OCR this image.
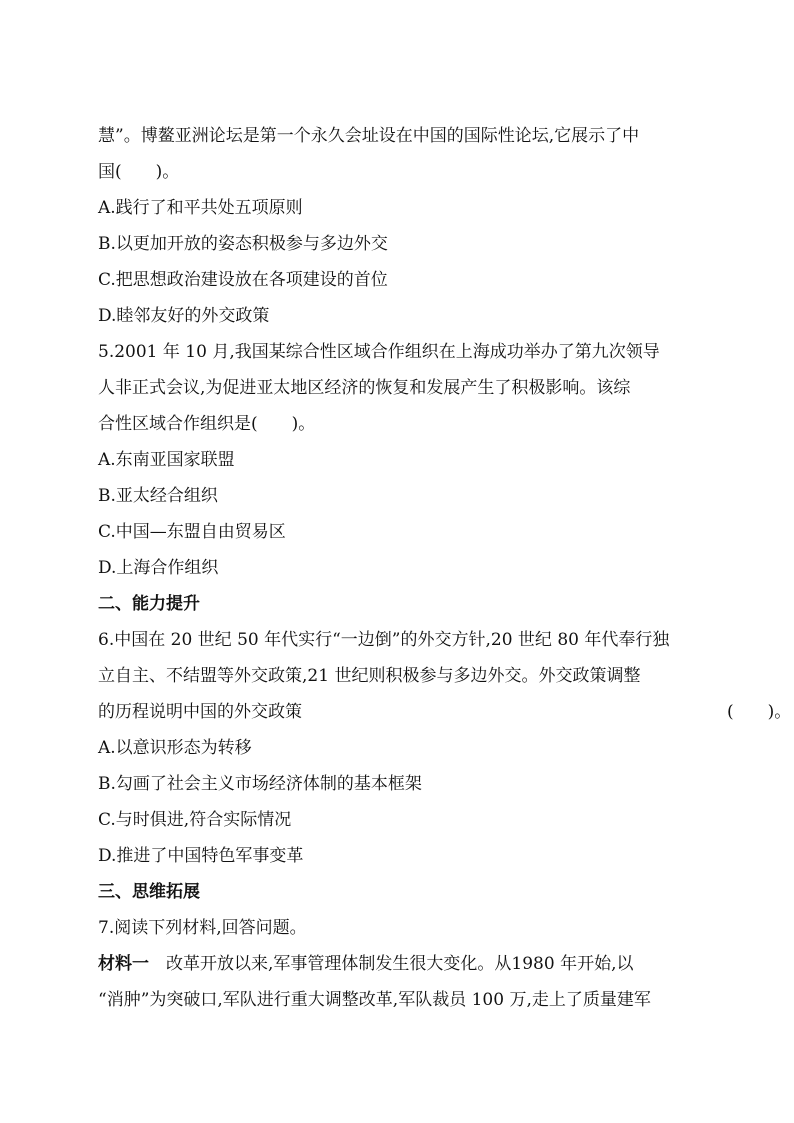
慧”。博鳌亚洲论坛是第一个永久会址设在中国的国际性论坛,它展示了中
国(　　)。
A.践行了和平共处五项原则
B.以更加开放的姿态积极参与多边外交
C.把思想政治建设放在各项建设的首位
D.睦邻友好的外交政策
5.2001 年 10 月,我国某综合性区域合作组织在上海成功举办了第九次领导
人非正式会议,为促进亚太地区经济的恢复和发展产生了积极影响。该综
合性区域合作组织是(　　)。
A.东南亚国家联盟
B.亚太经合组织
C.中国—东盟自由贸易区
D.上海合作组织
二、能力提升
6.中国在 20 世纪 50 年代实行“一边倒”的外交方针,20 世纪 80 年代奉行独
立自主、不结盟等外交政策,21 世纪则积极参与多边外交。外交政策调整
的历程说明中国的外交政策	(　　)。
A.以意识形态为转移
B.勾画了社会主义市场经济体制的基本框架
C.与时俱进,符合实际情况
D.推进了中国特色军事变革
三、思维拓展
7.阅读下列材料,回答问题。
材料一　改革开放以来,军事管理体制发生很大变化。从1980 年开始,以
“消肿”为突破口,军队进行重大调整改革,军队裁员 100 万,走上了质量建军
